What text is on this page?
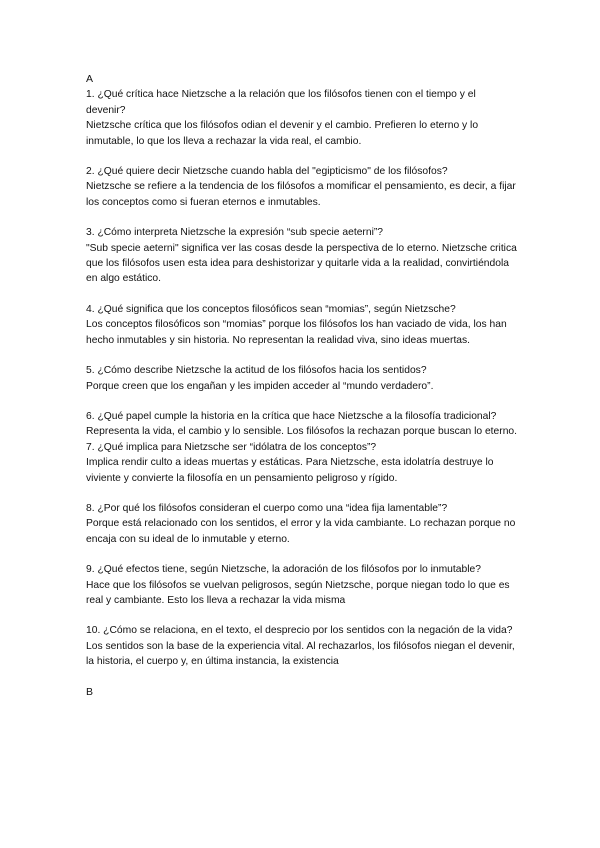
A

1. ¿Qué crítica hace Nietzsche a la relación que los filósofos tienen con el tiempo y el devenir?

Nietzsche crítica que los filósofos odian el devenir y el cambio. Prefieren lo eterno y lo inmutable, lo que los lleva a rechazar la vida real, el cambio.

2. ¿Qué quiere decir Nietzsche cuando habla del "egipticismo" de los filósofos?

Nietzsche se refiere a la tendencia de los filósofos a momificar el pensamiento, es decir, a fijar los conceptos como si fueran eternos e inmutables.

3. ¿Cómo interpreta Nietzsche la expresión “sub specie aeterni”?

"Sub specie aeterni" significa ver las cosas desde la perspectiva de lo eterno. Nietzsche critica que los filósofos usen esta idea para deshistorizar y quitarle vida a la realidad, convirtiéndola en algo estático.

4. ¿Qué significa que los conceptos filosóficos sean “momias”, según Nietzsche?

Los conceptos filosóficos son “momias” porque los filósofos los han vaciado de vida, los han hecho inmutables y sin historia. No representan la realidad viva, sino ideas muertas.

5. ¿Cómo describe Nietzsche la actitud de los filósofos hacia los sentidos?

Porque creen que los engañan y les impiden acceder al “mundo verdadero”.

6. ¿Qué papel cumple la historia en la crítica que hace Nietzsche a la filosofía tradicional?

Representa la vida, el cambio y lo sensible. Los filósofos la rechazan porque buscan lo eterno.

7. ¿Qué implica para Nietzsche ser “idólatra de los conceptos”?

Implica rendir culto a ideas muertas y estáticas. Para Nietzsche, esta idolatría destruye lo viviente y convierte la filosofía en un pensamiento peligroso y rígido.

8. ¿Por qué los filósofos consideran el cuerpo como una “idea fija lamentable”?

Porque está relacionado con los sentidos, el error y la vida cambiante. Lo rechazan porque no encaja con su ideal de lo inmutable y eterno.

9. ¿Qué efectos tiene, según Nietzsche, la adoración de los filósofos por lo inmutable?

Hace que los filósofos se vuelvan peligrosos, según Nietzsche, porque niegan todo lo que es real y cambiante. Esto los lleva a rechazar la vida misma

10. ¿Cómo se relaciona, en el texto, el desprecio por los sentidos con la negación de la vida?

Los sentidos son la base de la experiencia vital. Al rechazarlos, los filósofos niegan el devenir, la historia, el cuerpo y, en última instancia, la existencia

B
